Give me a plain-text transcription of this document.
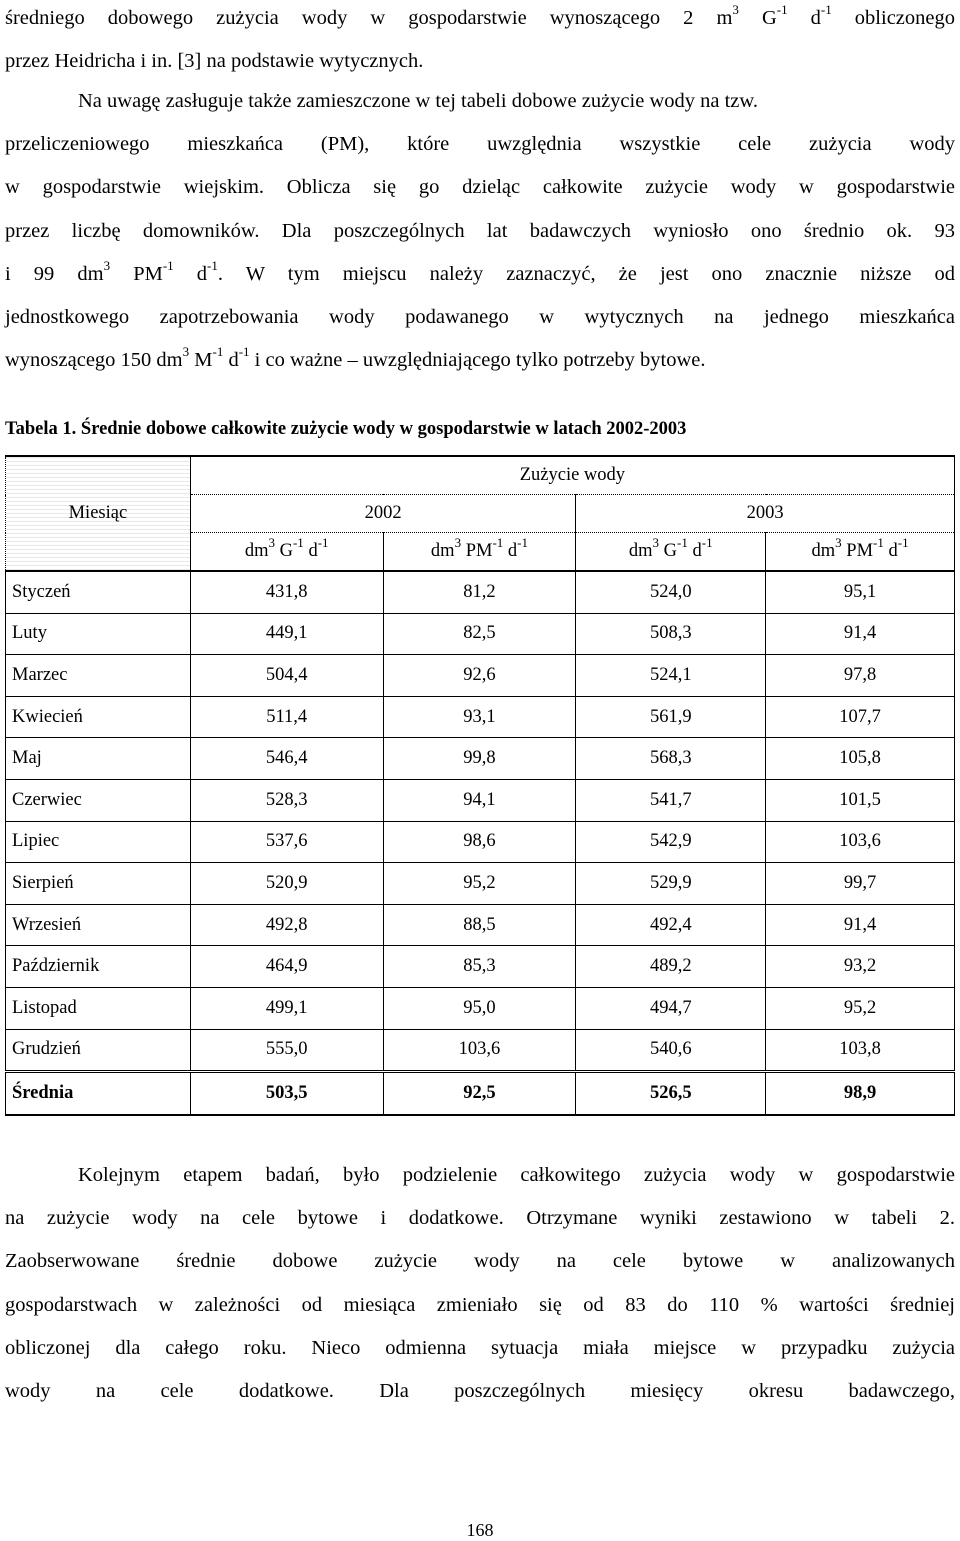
średniego dobowego zużycia wody w gospodarstwie wynoszącego 2 $m^3$ $G^{-1}$ $d^{-1}$ obliczonego
przez Heidricha i in. [3] na podstawie wytycznych.
Na uwagę zasługuje także zamieszczone w tej tabeli dobowe zużycie wody na tzw.
przeliczeniowego mieszkańca (PM), które uwzględnia wszystkie cele zużycia wody
w gospodarstwie wiejskim. Oblicza się go dzieląc całkowite zużycie wody w gospodarstwie
przez liczbę domowników. Dla poszczególnych lat badawczych wyniosło ono średnio ok. 93
i 99 $dm^3$ $PM^{-1}$ $d^{-1}$. W tym miejscu należy zaznaczyć, że jest ono znacznie niższe od
jednostkowego zapotrzebowania wody podawanego w wytycznych na jednego mieszkańca
wynoszącego 150 $dm^3$ $M^{-1}$ $d^{-1}$ i co ważne – uwzględniającego tylko potrzeby bytowe.
Tabela 1. Średnie dobowe całkowite zużycie wody w gospodarstwie w latach 2002-2003
Miesiąc	Zużycie wody			
	2002		2003	
	$dm^3$ $G^{-1}$ $d^{-1}$	$dm^3$ $PM^{-1}$ $d^{-1}$	$dm^3$ $G^{-1}$ $d^{-1}$	$dm^3$ $PM^{-1}$ $d^{-1}$
Styczeń	431,8	81,2	524,0	95,1
Luty	449,1	82,5	508,3	91,4
Marzec	504,4	92,6	524,1	97,8
Kwiecień	511,4	93,1	561,9	107,7
Maj	546,4	99,8	568,3	105,8
Czerwiec	528,3	94,1	541,7	101,5
Lipiec	537,6	98,6	542,9	103,6
Sierpień	520,9	95,2	529,9	99,7
Wrzesień	492,8	88,5	492,4	91,4
Październik	464,9	85,3	489,2	93,2
Listopad	499,1	95,0	494,7	95,2
Grudzień	555,0	103,6	540,6	103,8
Średnia	503,5	92,5	526,5	98,9
Kolejnym etapem badań, było podzielenie całkowitego zużycia wody w gospodarstwie
na zużycie wody na cele bytowe i dodatkowe. Otrzymane wyniki zestawiono w tabeli 2.
Zaobserwowane średnie dobowe zużycie wody na cele bytowe w analizowanych
gospodarstwach w zależności od miesiąca zmieniało się od 83 do 110 % wartości średniej
obliczonej dla całego roku. Nieco odmienna sytuacja miała miejsce w przypadku zużycia
wody na cele dodatkowe. Dla poszczególnych miesięcy okresu badawczego,
168
